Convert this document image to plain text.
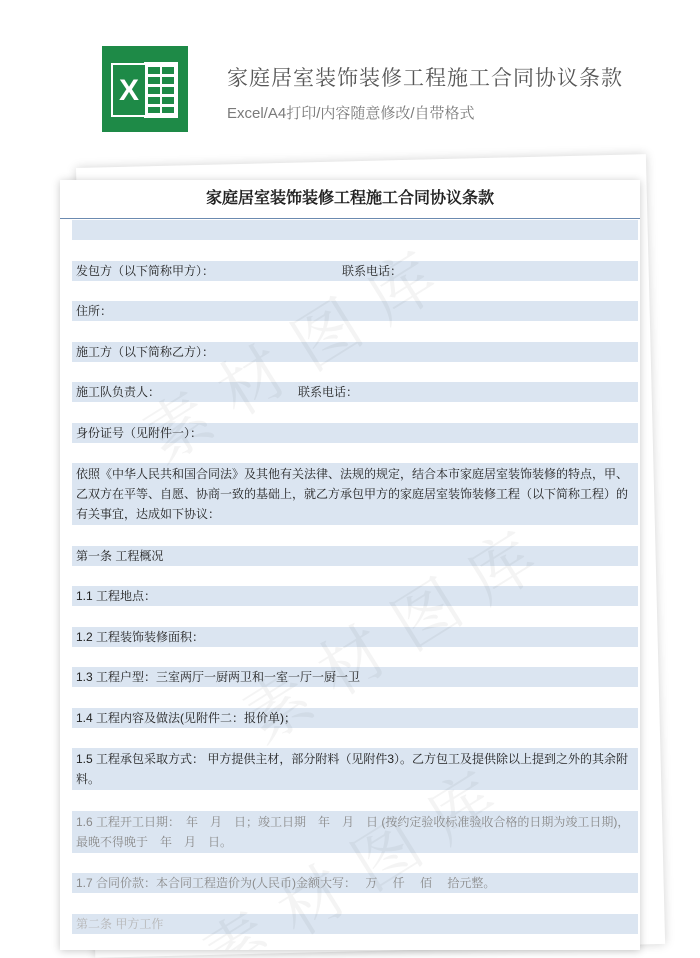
X	家庭居室装饰装修工程施工合同协议条款
Excel/A4打印/内容随意修改/自带格式
家庭居室装饰装修工程施工合同协议条款
发包方（以下简称甲方）：	联系电话：
住所：
施工方（以下简称乙方）：
施工队负责人：	联系电话：
身份证号（见附件一）：
依照《中华人民共和国合同法》及其他有关法律、法规的规定，结合本市家庭居室装饰装修的特点，甲、乙双方在平等、自愿、协商一致的基础上，就乙方承包甲方的家庭居室装饰装修工程（以下简称工程）的有关事宜，达成如下协议：
第一条 工程概况
1.1 工程地点：
1.2 工程装饰装修面积：
1.3 工程户型：三室两厅一厨两卫和一室一厅一厨一卫
1.4 工程内容及做法(见附件二：报价单)；
1.5 工程承包采取方式： 甲方提供主材，部分附料（见附件3）。乙方包工及提供除以上提到之外的其余附料。
1.6 工程开工日期：　年　月　日；竣工日期　年　月　日 (按约定验收标准验收合格的日期为竣工日期)，最晚不得晚于　年　月　日。
1.7 合同价款：本合同工程造价为(人民币)金额大写：　 万　 仟　 佰　 拾元整。
第二条 甲方工作
